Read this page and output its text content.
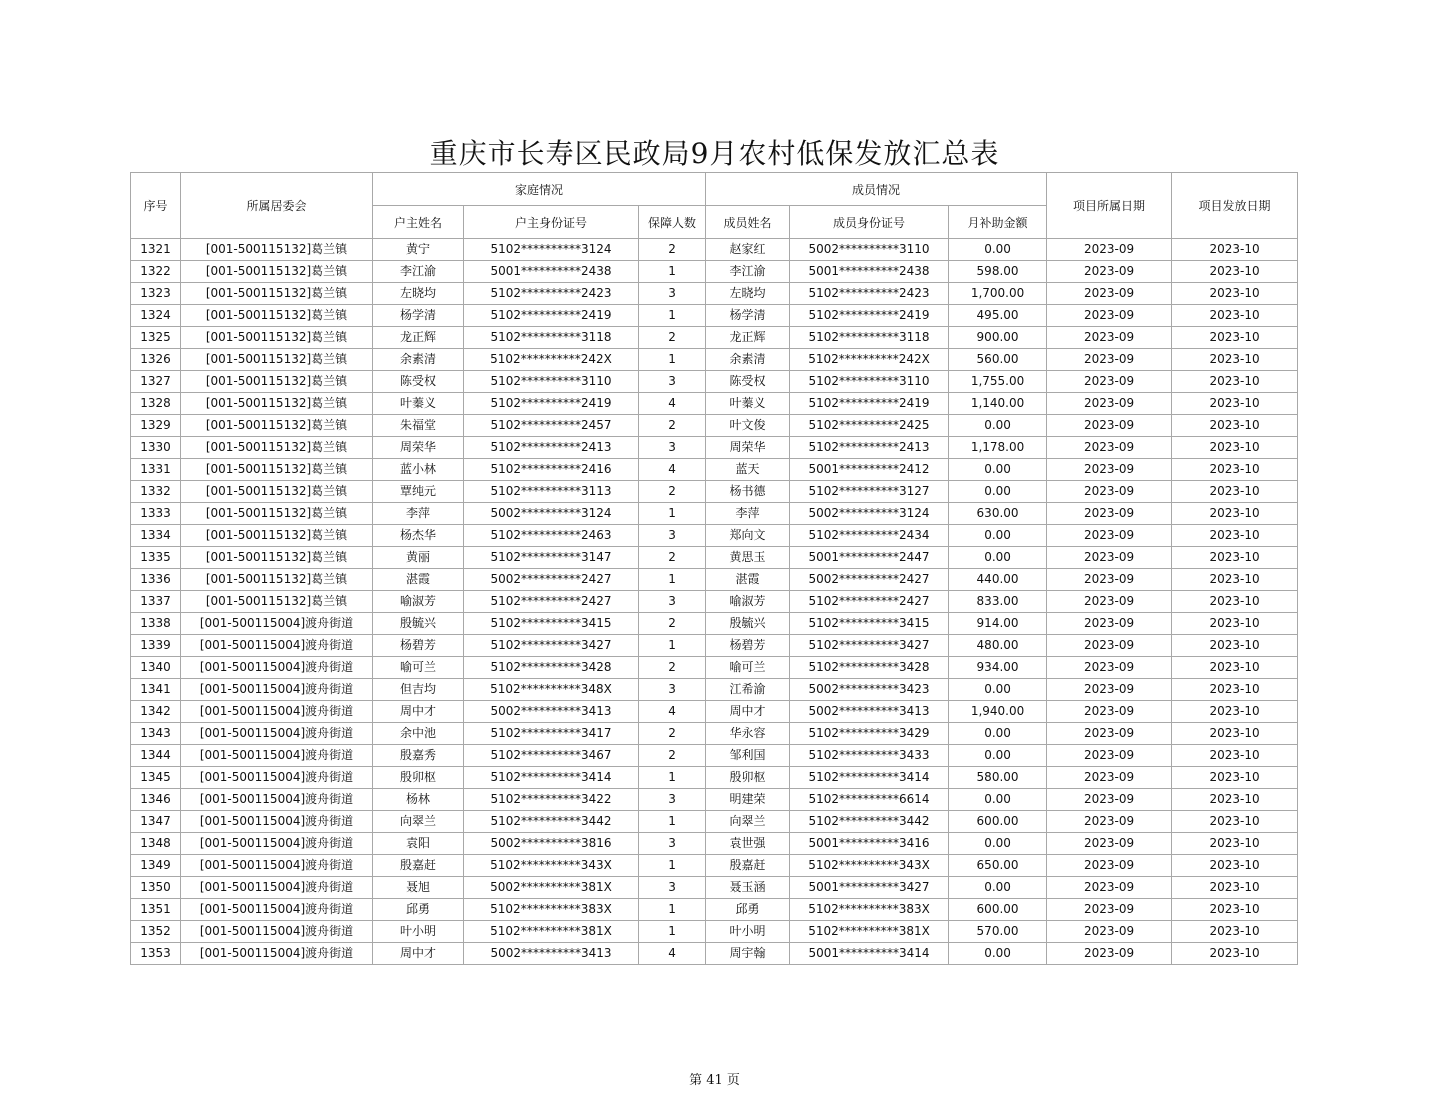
重庆市长寿区民政局9月农村低保发放汇总表
序号	所属居委会	家庭情况			成员情况			项目所属日期	项目发放日期
		户主姓名	户主身份证号	保障人数	成员姓名	成员身份证号	月补助金额		
1321	[001-500115132]葛兰镇	黄宁	5102**********3124	2	赵家红	5002**********3110	0.00	2023-09	2023-10
1322	[001-500115132]葛兰镇	李江渝	5001**********2438	1	李江渝	5001**********2438	598.00	2023-09	2023-10
1323	[001-500115132]葛兰镇	左晓均	5102**********2423	3	左晓均	5102**********2423	1,700.00	2023-09	2023-10
1324	[001-500115132]葛兰镇	杨学清	5102**********2419	1	杨学清	5102**********2419	495.00	2023-09	2023-10
1325	[001-500115132]葛兰镇	龙正辉	5102**********3118	2	龙正辉	5102**********3118	900.00	2023-09	2023-10
1326	[001-500115132]葛兰镇	余素清	5102**********242X	1	余素清	5102**********242X	560.00	2023-09	2023-10
1327	[001-500115132]葛兰镇	陈受权	5102**********3110	3	陈受权	5102**********3110	1,755.00	2023-09	2023-10
1328	[001-500115132]葛兰镇	叶蓁义	5102**********2419	4	叶蓁义	5102**********2419	1,140.00	2023-09	2023-10
1329	[001-500115132]葛兰镇	朱福堂	5102**********2457	2	叶文俊	5102**********2425	0.00	2023-09	2023-10
1330	[001-500115132]葛兰镇	周荣华	5102**********2413	3	周荣华	5102**********2413	1,178.00	2023-09	2023-10
1331	[001-500115132]葛兰镇	蓝小林	5102**********2416	4	蓝天	5001**********2412	0.00	2023-09	2023-10
1332	[001-500115132]葛兰镇	覃纯元	5102**********3113	2	杨书德	5102**********3127	0.00	2023-09	2023-10
1333	[001-500115132]葛兰镇	李萍	5002**********3124	1	李萍	5002**********3124	630.00	2023-09	2023-10
1334	[001-500115132]葛兰镇	杨杰华	5102**********2463	3	郑向文	5102**********2434	0.00	2023-09	2023-10
1335	[001-500115132]葛兰镇	黄丽	5102**********3147	2	黄思玉	5001**********2447	0.00	2023-09	2023-10
1336	[001-500115132]葛兰镇	湛霞	5002**********2427	1	湛霞	5002**********2427	440.00	2023-09	2023-10
1337	[001-500115132]葛兰镇	喻淑芳	5102**********2427	3	喻淑芳	5102**********2427	833.00	2023-09	2023-10
1338	[001-500115004]渡舟街道	殷毓兴	5102**********3415	2	殷毓兴	5102**********3415	914.00	2023-09	2023-10
1339	[001-500115004]渡舟街道	杨碧芳	5102**********3427	1	杨碧芳	5102**********3427	480.00	2023-09	2023-10
1340	[001-500115004]渡舟街道	喻可兰	5102**********3428	2	喻可兰	5102**********3428	934.00	2023-09	2023-10
1341	[001-500115004]渡舟街道	但吉均	5102**********348X	3	江希渝	5002**********3423	0.00	2023-09	2023-10
1342	[001-500115004]渡舟街道	周中才	5002**********3413	4	周中才	5002**********3413	1,940.00	2023-09	2023-10
1343	[001-500115004]渡舟街道	余中池	5102**********3417	2	华永容	5102**********3429	0.00	2023-09	2023-10
1344	[001-500115004]渡舟街道	殷嘉秀	5102**********3467	2	邹利国	5102**********3433	0.00	2023-09	2023-10
1345	[001-500115004]渡舟街道	殷卯枢	5102**********3414	1	殷卯枢	5102**********3414	580.00	2023-09	2023-10
1346	[001-500115004]渡舟街道	杨林	5102**********3422	3	明建荣	5102**********6614	0.00	2023-09	2023-10
1347	[001-500115004]渡舟街道	向翠兰	5102**********3442	1	向翠兰	5102**********3442	600.00	2023-09	2023-10
1348	[001-500115004]渡舟街道	袁阳	5002**********3816	3	袁世强	5001**********3416	0.00	2023-09	2023-10
1349	[001-500115004]渡舟街道	殷嘉赶	5102**********343X	1	殷嘉赶	5102**********343X	650.00	2023-09	2023-10
1350	[001-500115004]渡舟街道	聂旭	5002**********381X	3	聂玉涵	5001**********3427	0.00	2023-09	2023-10
1351	[001-500115004]渡舟街道	邱勇	5102**********383X	1	邱勇	5102**********383X	600.00	2023-09	2023-10
1352	[001-500115004]渡舟街道	叶小明	5102**********381X	1	叶小明	5102**********381X	570.00	2023-09	2023-10
1353	[001-500115004]渡舟街道	周中才	5002**********3413	4	周宇翰	5001**********3414	0.00	2023-09	2023-10
第 41 页
